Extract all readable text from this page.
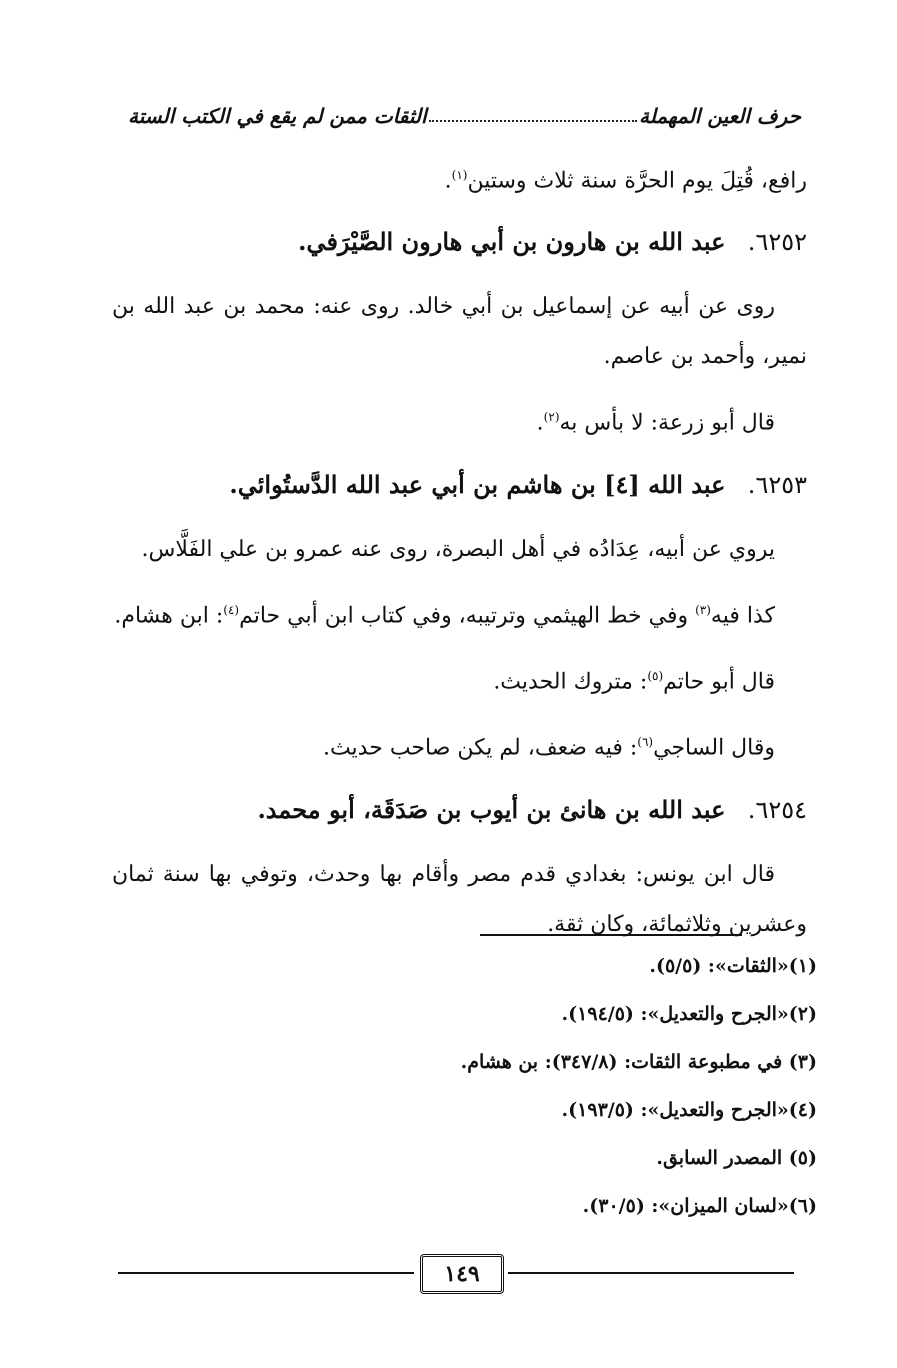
حرف العين المهملة
الثقات ممن لم يقع في الكتب الستة

رافع، قُتِلَ يوم الحرَّة سنة ثلاث وستين$^{(١)}$.

٦٢٥٢. عبد الله بن هارون بن أبي هارون الصَّيْرَفي.

روى عن أبيه عن إسماعيل بن أبي خالد. روى عنه: محمد بن عبد الله بن نمير، وأحمد بن عاصم.

قال أبو زرعة: لا بأس به$^{(٢)}$.

٦٢٥٣. عبد الله [٤] بن هاشم بن أبي عبد الله الدَّستُوائي.

يروي عن أبيه، عِدَادُه في أهل البصرة، روى عنه عمرو بن علي الفَلَّاس.

كذا فيه$^{(٣)}$ وفي خط الهيثمي وترتيبه، وفي كتاب ابن أبي حاتم$^{(٤)}$: ابن هشام.

قال أبو حاتم$^{(٥)}$: متروك الحديث.

وقال الساجي$^{(٦)}$: فيه ضعف، لم يكن صاحب حديث.

٦٢٥٤. عبد الله بن هانئ بن أيوب بن صَدَقَة، أبو محمد.

قال ابن يونس: بغدادي قدم مصر وأقام بها وحدث، وتوفي بها سنة ثمان وعشرين وثلاثمائة، وكان ثقة.

(١)«الثقات»: (٥/٥).

(٢)«الجرح والتعديل»: (١٩٤/٥).

(٣) في مطبوعة الثقات: (٣٤٧/٨): بن هشام.

(٤)«الجرح والتعديل»: (١٩٣/٥).

(٥) المصدر السابق.

(٦)«لسان الميزان»: (٣٠/٥).

١٤٩
